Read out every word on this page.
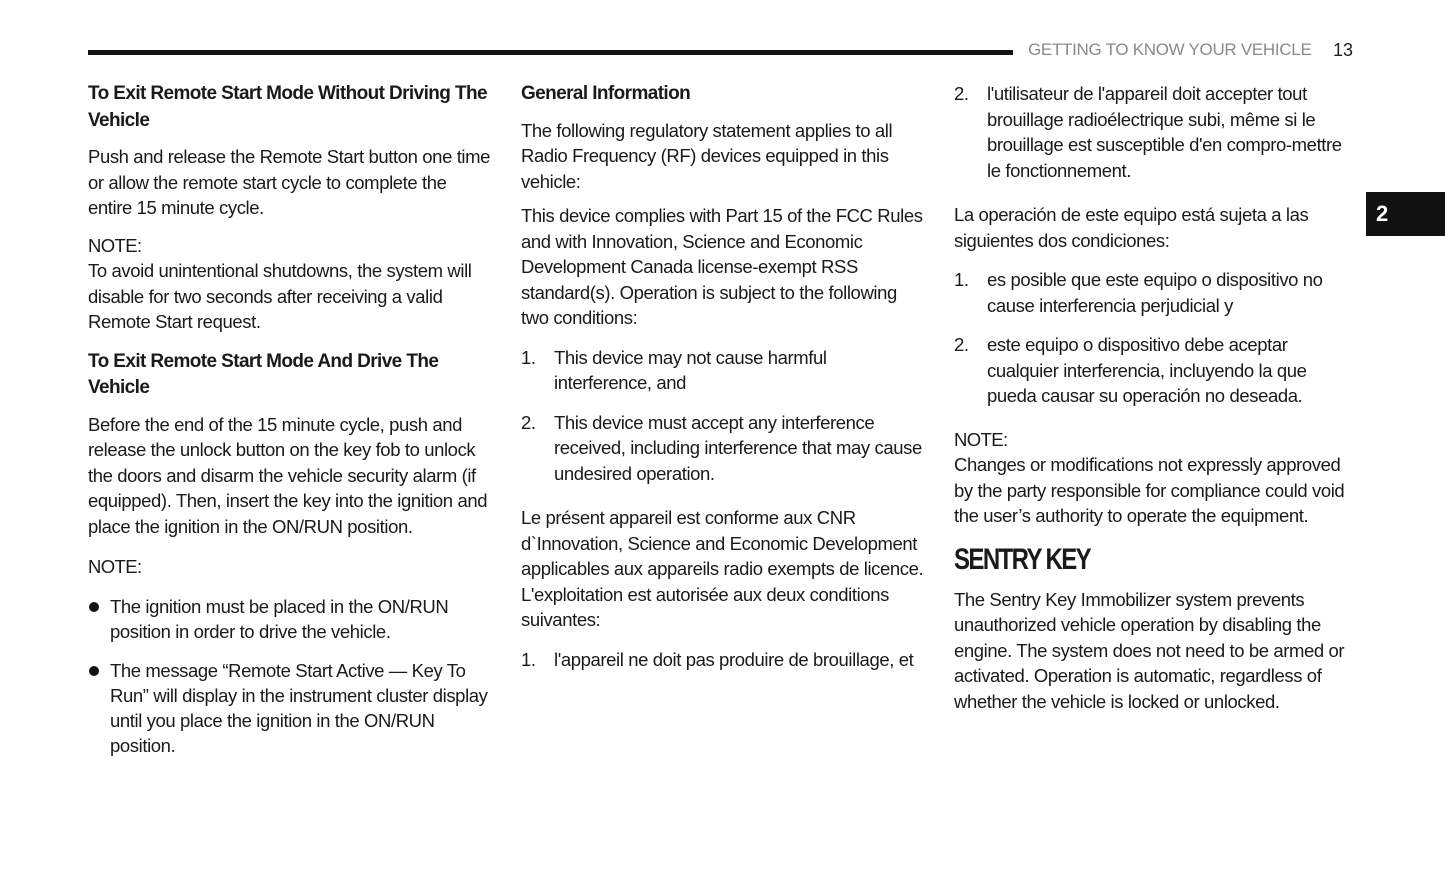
GETTING TO KNOW YOUR VEHICLE 13
2
To Exit Remote Start Mode Without Driving The Vehicle

Push and release the Remote Start button one time or allow the remote start cycle to complete the entire 15 minute cycle.

NOTE:

To avoid unintentional shutdowns, the system will disable for two seconds after receiving a valid Remote Start request.

To Exit Remote Start Mode And Drive The Vehicle

Before the end of the 15 minute cycle, push and release the unlock button on the key fob to unlock the doors and disarm the vehicle security alarm (if equipped). Then, insert the key into the ignition and place the ignition in the ON/RUN position.

NOTE:
The ignition must be placed in the ON/RUN position in order to drive the vehicle.
The message “Remote Start Active — Key To Run” will display in the instrument cluster display until you place the ignition in the ON/RUN position.
General Information

The following regulatory statement applies to all Radio Frequency (RF) devices equipped in this vehicle:

This device complies with Part 15 of the FCC Rules and with Innovation, Science and Economic Development Canada license-exempt RSS standard(s). Operation is subject to the following two conditions:

1. This device may not cause harmful interference, and
2. This device must accept any interference received, including interference that may cause undesired operation.

Le présent appareil est conforme aux CNR d`Innovation, Science and Economic Development applicables aux appareils radio exempts de licence. L'exploitation est autorisée aux deux conditions suivantes:

1. l'appareil ne doit pas produire de brouillage, et
2. l'utilisateur de l'appareil doit accepter tout brouillage radioélectrique subi, même si le brouillage est susceptible d'en compro-mettre le fonctionnement.

La operación de este equipo está sujeta a las siguientes dos condiciones:

1. es posible que este equipo o dispositivo no cause interferencia perjudicial y
2. este equipo o dispositivo debe aceptar cualquier interferencia, incluyendo la que pueda causar su operación no deseada.
NOTE:

Changes or modifications not expressly approved by the party responsible for compliance could void the user’s authority to operate the equipment.

SENTRY KEY

The Sentry Key Immobilizer system prevents unauthorized vehicle operation by disabling the engine. The system does not need to be armed or activated. Operation is automatic, regardless of whether the vehicle is locked or unlocked.
